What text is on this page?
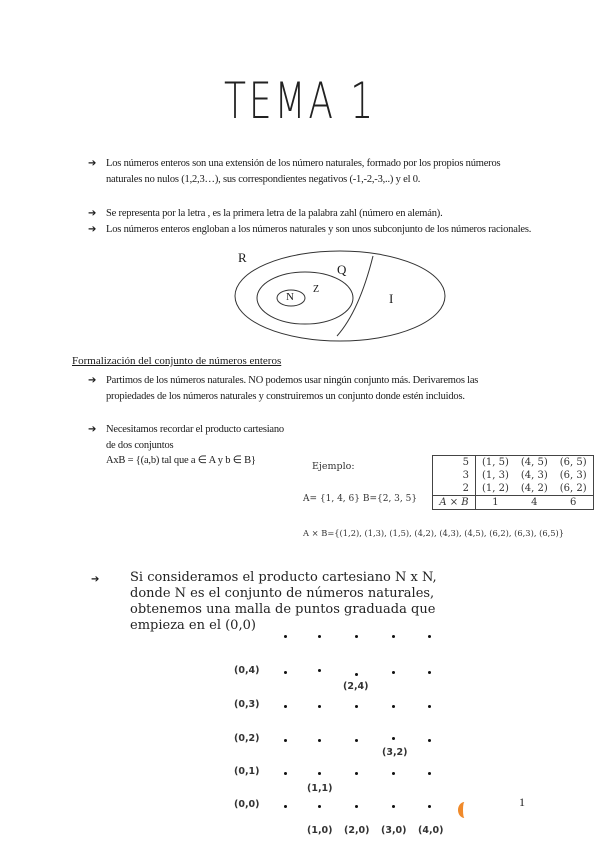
TEMA 1
➔ Los números enteros son una extensión de los número naturales, formado por los propios números naturales no nulos (1,2,3…), sus correspondientes negativos (-1,-2,-3,..) y el 0.
➔ Se representa por la letra , es la primera letra de la palabra zahl (número en alemán).
➔ Los números enteros engloban a los números naturales y son unos subconjunto de los números racionales.
R
Q
Z
N	I
Formalización del conjunto de números enteros
➔ Partimos de los números naturales. NO podemos usar ningún conjunto más. Derivaremos las propiedades de los números naturales y construiremos un conjunto donde estén incluidos.
➔ Necesitamos recordar el producto cartesiano de dos conjuntos
AxB = {(a,b) tal que a ∈ A y b ∈ B}
Ejemplo:
A= {1, 4, 6} B={2, 3, 5}
5	(1, 5)	(4, 5)	(6, 5)
3	(1, 3)	(4, 3)	(6, 3)
2	(1, 2)	(4, 2)	(6, 2)
A × B	1	4	6
A × B={(1,2), (1,3), (1,5), (4,2), (4,3), (4,5), (6,2), (6,3), (6,5)}
➔ Si consideramos el producto cartesiano N x N, donde N es el conjunto de números naturales, obtenemos una malla de puntos graduada que empieza en el (0,0)
(0,4)
(0,3)
(0,2)
(0,1)
(0,0)
(1,0) (2,0) (3,0) (4,0)
(2,4)
(3,2)
(1,1)
1
